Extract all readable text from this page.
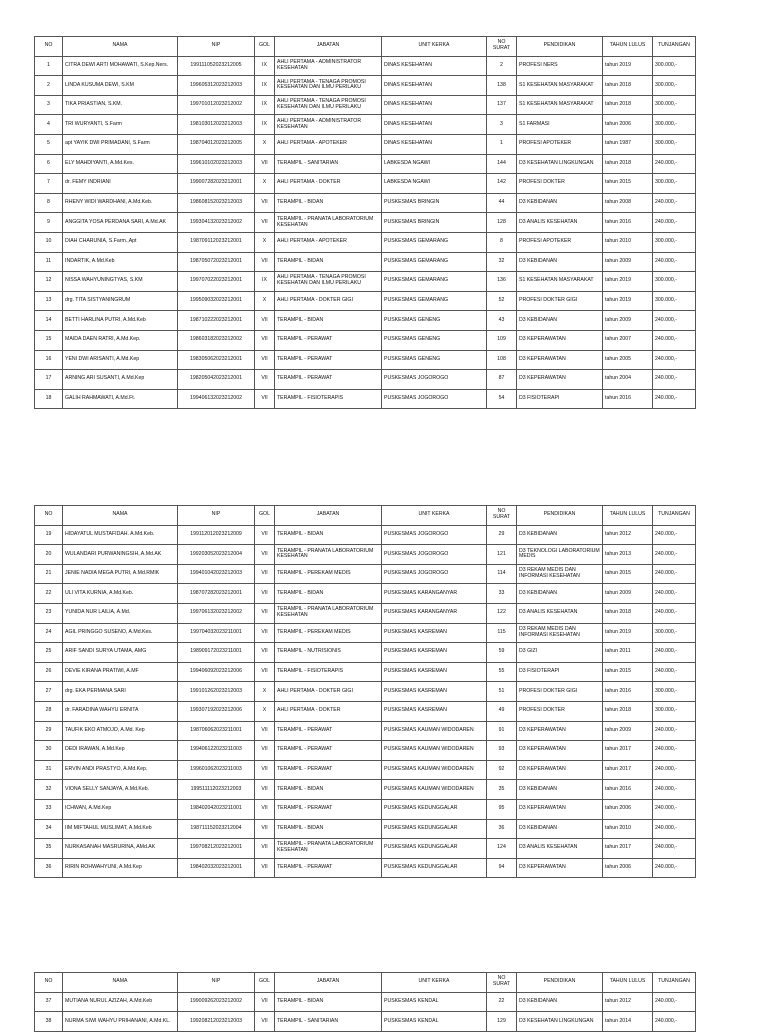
NO	NAMA	NIP	GOL	JABATAN	UNIT KERKA	NO SURAT	PENDIDIKAN	TAHUN LULUS	TUNJANGAN
1	CITRA DEWI ARTI MOHAWATI, S.Kep.Ners.	199111052023212005	IX	AHLI PERTAMA - ADMINISTRATOR KESEHATAN	DINAS KESEHATAN	2	PROFESI NERS	tahun 2019	300.000,-
2	LINDA KUSUMA DEWI, S.KM	199605312023212003	IX	AHLI PERTAMA - TENAGA PROMOSI KESEHATAN DAN ILMU PERILAKU	DINAS KESEHATAN	138	S1 KESEHATAN MASYARAKAT	tahun 2018	300.000,-
3	TIKA PRIASTIAN, S.KM.	199701012023212002	IX	AHLI PERTAMA - TENAGA PROMOSI KESEHATAN DAN ILMU PERILAKU	DINAS KESEHATAN	137	S1 KESEHATAN MASYARAKAT	tahun 2018	300.000,-
4	TRI WURYANTI, S.Farm	198103012023212003	IX	AHLI PERTAMA - ADMINISTRATOR KESEHATAN	DINAS KESEHATAN	3	S1 FARMASI	tahun 2006	300.000,-
5	apt YAYIK DWI PRIMADANI, S.Farm	198704012023212005	X	AHLI PERTAMA - APOTEKER	DINAS KESEHATAN	1	PROFESI APOTEKER	tahun 1987	300.000,-
6	ELY MAHDIYANTI, A.Md.Kes.	199610102023212003	VII	TERAMPIL - SANITARIAN	LABKESDA NGAWI	144	D3 KESEHATAN LINGKUNGAN	tahun 2018	240.000,-
7	dr. FEMY INDRIANI	199007282023212001	X	AHLI PERTAMA - DOKTER	LABKESDA NGAWI	142	PROFESI DOKTER	tahun 2015	300.000,-
8	RHENY WIDI WARDHANI, A.Md.Keb.	198608152023212003	VII	TERAMPIL - BIDAN	PUSKESMAS BRINGIN	44	D3 KEBIDANAN	tahun 2008	240.000,-
9	ANGGITA YOSA PERDANA SARI, A.Md.AK	199304132023212002	VII	TERAMPIL - PRANATA LABORATORIUM KESEHATAN	PUSKESMAS BRINGIN	128	D3 ANALIS KESEHATAN	tahun 2016	240.000,-
10	DIAH CHARUNIA, S.Farm.,Apt	198709112023212001	X	AHLI PERTAMA - APOTEKER	PUSKESMAS GEMARANG	8	PROFESI APOTEKER	tahun 2010	300.000,-
11	INDARTIK, A.Md.Keb	198705072023212001	VII	TERAMPIL - BIDAN	PUSKESMAS GEMARANG	32	D3 KEBIDANAN	tahun 2009	240.000,-
12	NISSA WAHYUNINGTYAS, S.KM	199707022023212001	IX	AHLI PERTAMA - TENAGA PROMOSI KESEHATAN DAN ILMU PERILAKU	PUSKESMAS GEMARANG	136	S1 KESEHATAN MASYARAKAT	tahun 2019	300.000,-
13	drg. TITA SISTYANINGRUM	199509032023212001	X	AHLI PERTAMA - DOKTER GIGI	PUSKESMAS GEMARANG	52	PROFESI DOKTER GIGI	tahun 2019	300.000,-
14	BETTI HARLINA PUTRI, A.Md.Keb	198710222023212001	VII	TERAMPIL - BIDAN	PUSKESMAS GENENG	43	D3 KEBIDANAN	tahun 2009	240.000,-
15	MAIDA DAEN RATRI, A.Md.Kep.	198603182023212002	VII	TERAMPIL - PERAWAT	PUSKESMAS GENENG	109	D3 KEPERAWATAN	tahun 2007	240.000,-
16	YENI DWI ARISANTI, A.Md.Kep	198305062023212001	VII	TERAMPIL - PERAWAT	PUSKESMAS GENENG	108	D3 KEPERAWATAN	tahun 2005	240.000,-
17	ARNING ARI SUSANTI, A.Md.Kep	198205042023212001	VII	TERAMPIL - PERAWAT	PUSKESMAS JOGOROGO	87	D3 KEPERAWATAN	tahun 2004	240.000,-
18	GALIH RAHMAWATI, A.Md.Ft.	199406132023212002	VII	TERAMPIL - FISIOTERAPIS	PUSKESMAS JOGOROGO	54	D3 FISIOTERAPI	tahun 2016	240.000,-
NO	NAMA	NIP	GOL	JABATAN	UNIT KERKA	NO SURAT	PENDIDIKAN	TAHUN LULUS	TUNJANGAN
19	HIDAYATUL MUSTAFIDAH. A.Md.Keb.	199112012023212009	VII	TERAMPIL - BIDAN	PUSKESMAS JOGOROGO	29	D3 KEBIDANAN	tahun 2012	240.000,-
20	WULANDARI PURWANINGSIH, A.Md.AK	199203052023212004	VII	TERAMPIL - PRANATA LABORATORIUM KESEHATAN	PUSKESMAS JOGOROGO	121	D3 TEKNOLOGI LABORATORIUM MEDIS	tahun 2013	240.000,-
21	JENIE NADIA MEGA PUTRI, A.Md.RMIK	199401042023212003	VII	TERAMPIL - PEREKAM MEDIS	PUSKESMAS JOGOROGO	114	D3 REKAM MEDIS DAN INFORMASI KESEHATAN	tahun 2015	240.000,-
22	ULI VITA KURNIA, A.Md.Keb.	198707282023212001	VII	TERAMPIL - BIDAN	PUSKESMAS KARANGANYAR	33	D3 KEBIDANAN	tahun 2009	240.000,-
23	YUNIDA NUR LAILIA, A.Md.	199706132023212002	VII	TERAMPIL - PRANATA LABORATORIUM KESEHATAN	PUSKESMAS KARANGANYAR	122	D3 ANALIS KESEHATAN	tahun 2018	240.000,-
24	AGIL PRINGGO SUSENO, A.Md.Kes.	199704032023211001	VII	TERAMPIL - PEREKAM MEDIS	PUSKESMAS KASREMAN	115	D3 REKAM MEDIS DAN INFORMASI KESEHATAN	tahun 2019	300.000,-
25	ARIF SANDI SURYA UTAMA, AMG	198909172023211001	VII	TERAMPIL - NUTRISIONIS	PUSKESMAS KASREMAN	59	D3 GIZI	tahun 2011	240.000,-
26	DEVIE KIRANA PRATIWI, A.MF	199406092023212006	VII	TERAMPIL - FISIOTERAPIS	PUSKESMAS KASREMAN	55	D3 FISIOTERAPI	tahun 2015	240.000,-
27	drg. EKA PERMANA SARI	199101262023212003	X	AHLI PERTAMA - DOKTER GIGI	PUSKESMAS KASREMAN	51	PROFESI DOKTER GIGI	tahun 2016	300.000,-
28	dr. FARADINA WAHYU ERNITA	199307192023212006	X	AHLI PERTAMA - DOKTER	PUSKESMAS KASREMAN	49	PROFESI DOKTER	tahun 2018	300.000,-
29	TAUFIK EKO ATMOJO, A.Md. Kep	198706062023211001	VII	TERAMPIL - PERAWAT	PUSKESMAS KAUMAN WIDODAREN	91	D3 KEPERAWATAN	tahun 2009	240.000,-
30	DEDI IRAWAN, A.Md.Kep	199406122023211003	VII	TERAMPIL - PERAWAT	PUSKESMAS KAUMAN WIDODAREN	93	D3 KEPERAWATAN	tahun 2017	240.000,-
31	ERVIN ANDI PRASTYO, A.Md.Kep.	199601062023211003	VII	TERAMPIL - PERAWAT	PUSKESMAS KAUMAN WIDODAREN	92	D3 KEPERAWATAN	tahun 2017	240.000,-
32	VIONA SELLY SANJAYA, A.Md.Keb.	199511112023212003	VII	TERAMPIL - BIDAN	PUSKESMAS KAUMAN WIDODAREN	35	D3 KEBIDANAN	tahun 2016	240.000,-
33	ICHWAN, A.Md.Kep	198402042023211001	VII	TERAMPIL - PERAWAT	PUSKESMAS KEDUNGGALAR	95	D3 KEPERAWATAN	tahun 2006	240.000,-
34	IIM MIFTAHUL MUSLIMAT, A.Md.Keb	198711152023212004	VII	TERAMPIL - BIDAN	PUSKESMAS KEDUNGGALAR	36	D3 KEBIDANAN	tahun 2010	240.000,-
35	NURKASANAH MASRURINA, AMd.AK	199708212023212001	VII	TERAMPIL - PRANATA LABORATORIUM KESEHATAN	PUSKESMAS KEDUNGGALAR	124	D3 ANALIS KESEHATAN	tahun 2017	240.000,-
36	RIRIN ROHWAHYUNI, A.Md.Kep	198402032023212001	VII	TERAMPIL - PERAWAT	PUSKESMAS KEDUNGGALAR	94	D3 KEPERAWATAN	tahun 2006	240.000,-
NO	NAMA	NIP	GOL	JABATAN	UNIT KERKA	NO SURAT	PENDIDIKAN	TAHUN LULUS	TUNJANGAN
37	MUTIANA NURUL AZIZAH, A.Md.Keb	199009262023212002	VII	TERAMPIL - BIDAN	PUSKESMAS KENDAL	22	D3 KEBIDANAN	tahun 2012	240.000,-
38	NURMA SIWI WAHYU PRIHANANI, A.Md.KL.	199208212023212003	VII	TERAMPIL - SANITARIAN	PUSKESMAS KENDAL	129	D3 KESEHATAN LINGKUNGAN	tahun 2014	240.000,-
